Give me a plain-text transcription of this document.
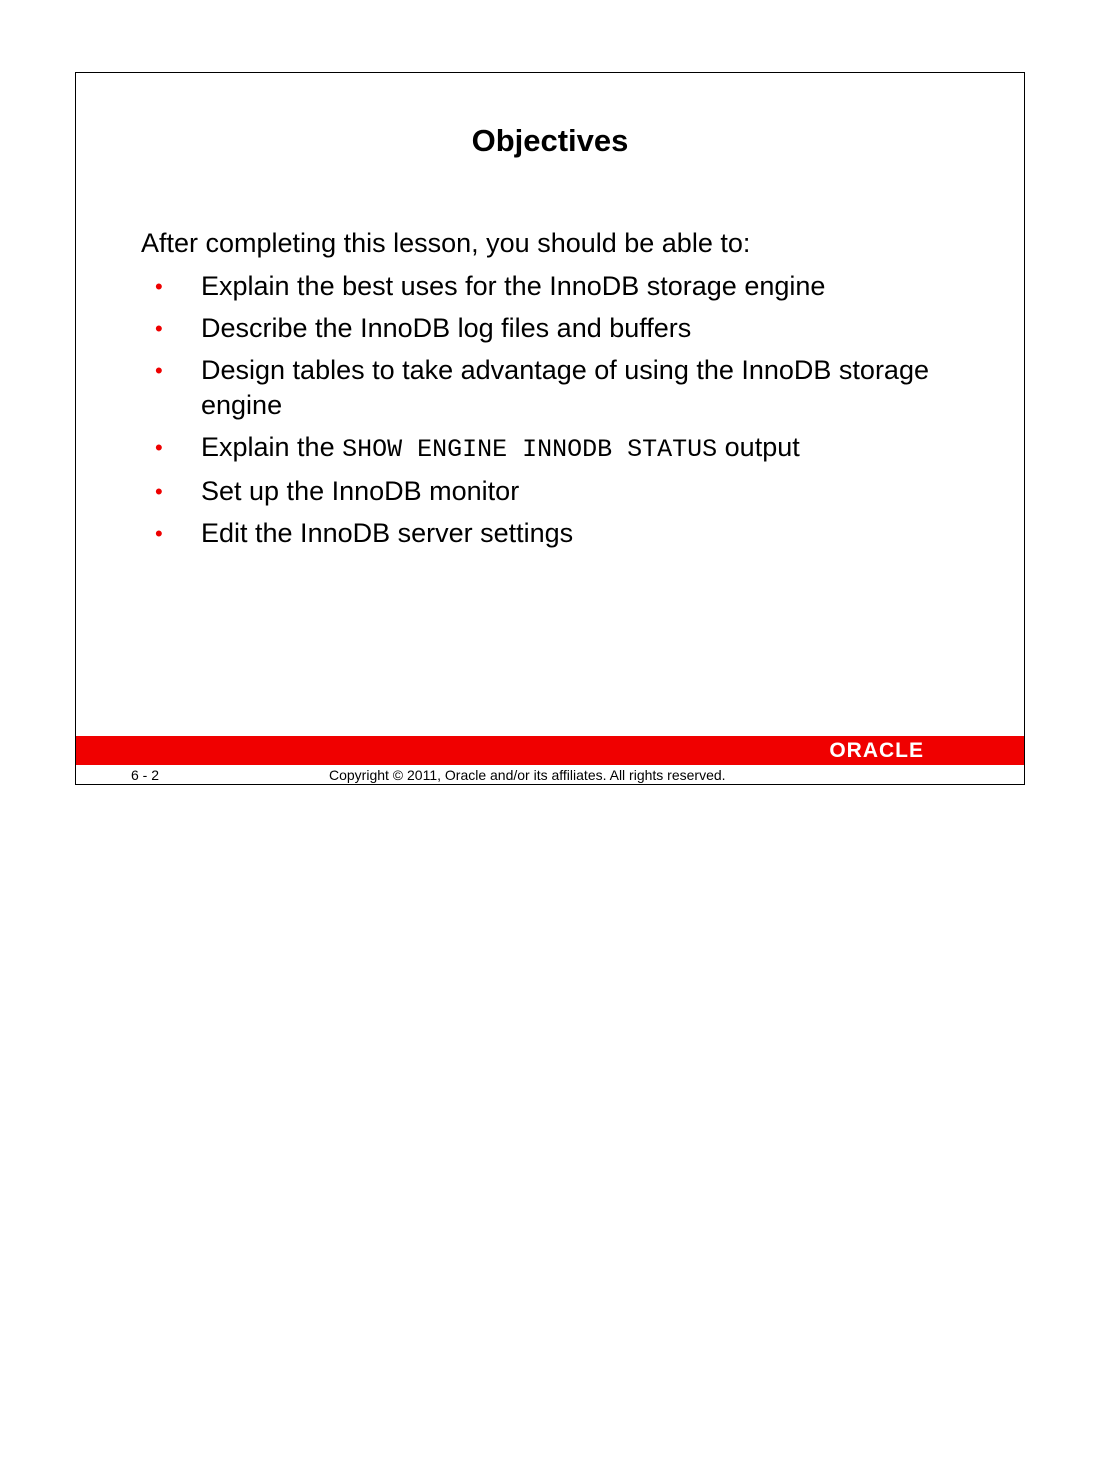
Objectives
After completing this lesson, you should be able to:
• Explain the best uses for the InnoDB storage engine
• Describe the InnoDB log files and buffers
• Design tables to take advantage of using the InnoDB storage engine
• Explain the SHOW ENGINE INNODB STATUS output
• Set up the InnoDB monitor
• Edit the InnoDB server settings
ORACLE
6 - 2	Copyright © 2011, Oracle and/or its affiliates. All rights reserved.
